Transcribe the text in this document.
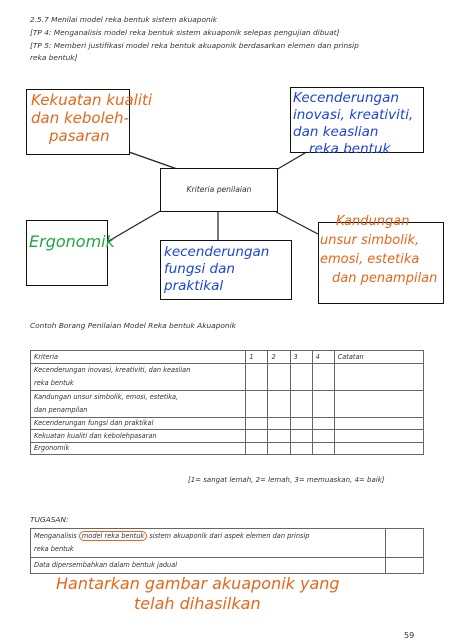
2.5.7 Menilai model reka bentuk sistem akuaponik
[TP 4: Menganalisis model reka bentuk sistem akuaponik selepas pengujian dibuat]
[TP 5: Memberi justifikasi model reka bentuk akuaponik berdasarkan elemen dan prinsip
reka bentuk]
Kriteria penilaian
Kekuatan kualiti
dan keboleh-
pasaran
Kecenderungan
inovasi, kreativiti,
dan keaslian
reka bentuk
Ergonomik
kecenderungan
fungsi dan
praktikal
Kandungan
unsur simbolik,
emosi, estetika
dan penampilan
Contoh Borang Penilaian Model Reka bentuk Akuaponik
Kriteria	1	2	3	4	Catatan

Kecenderungan inovasi, kreativiti, dan keaslian
reka bentuk					

Kandungan unsur simbolik, emosi, estetika,
dan penampilan					

Kecenderungan fungsi dan praktikal					
Kekuatan kualiti dan kebolehpasaran					
Ergonomik					
[1= sangat lemah, 2= lemah, 3= memuaskan, 4= baik]
TUGASAN:
Menganalisis model reka bentuk sistem akuaponik dari aspek elemen dan prinsip
reka bentuk	

Data dipersembahkan dalam bentuk jadual	
Hantarkan gambar akuaponik yang
telah dihasilkan
59
